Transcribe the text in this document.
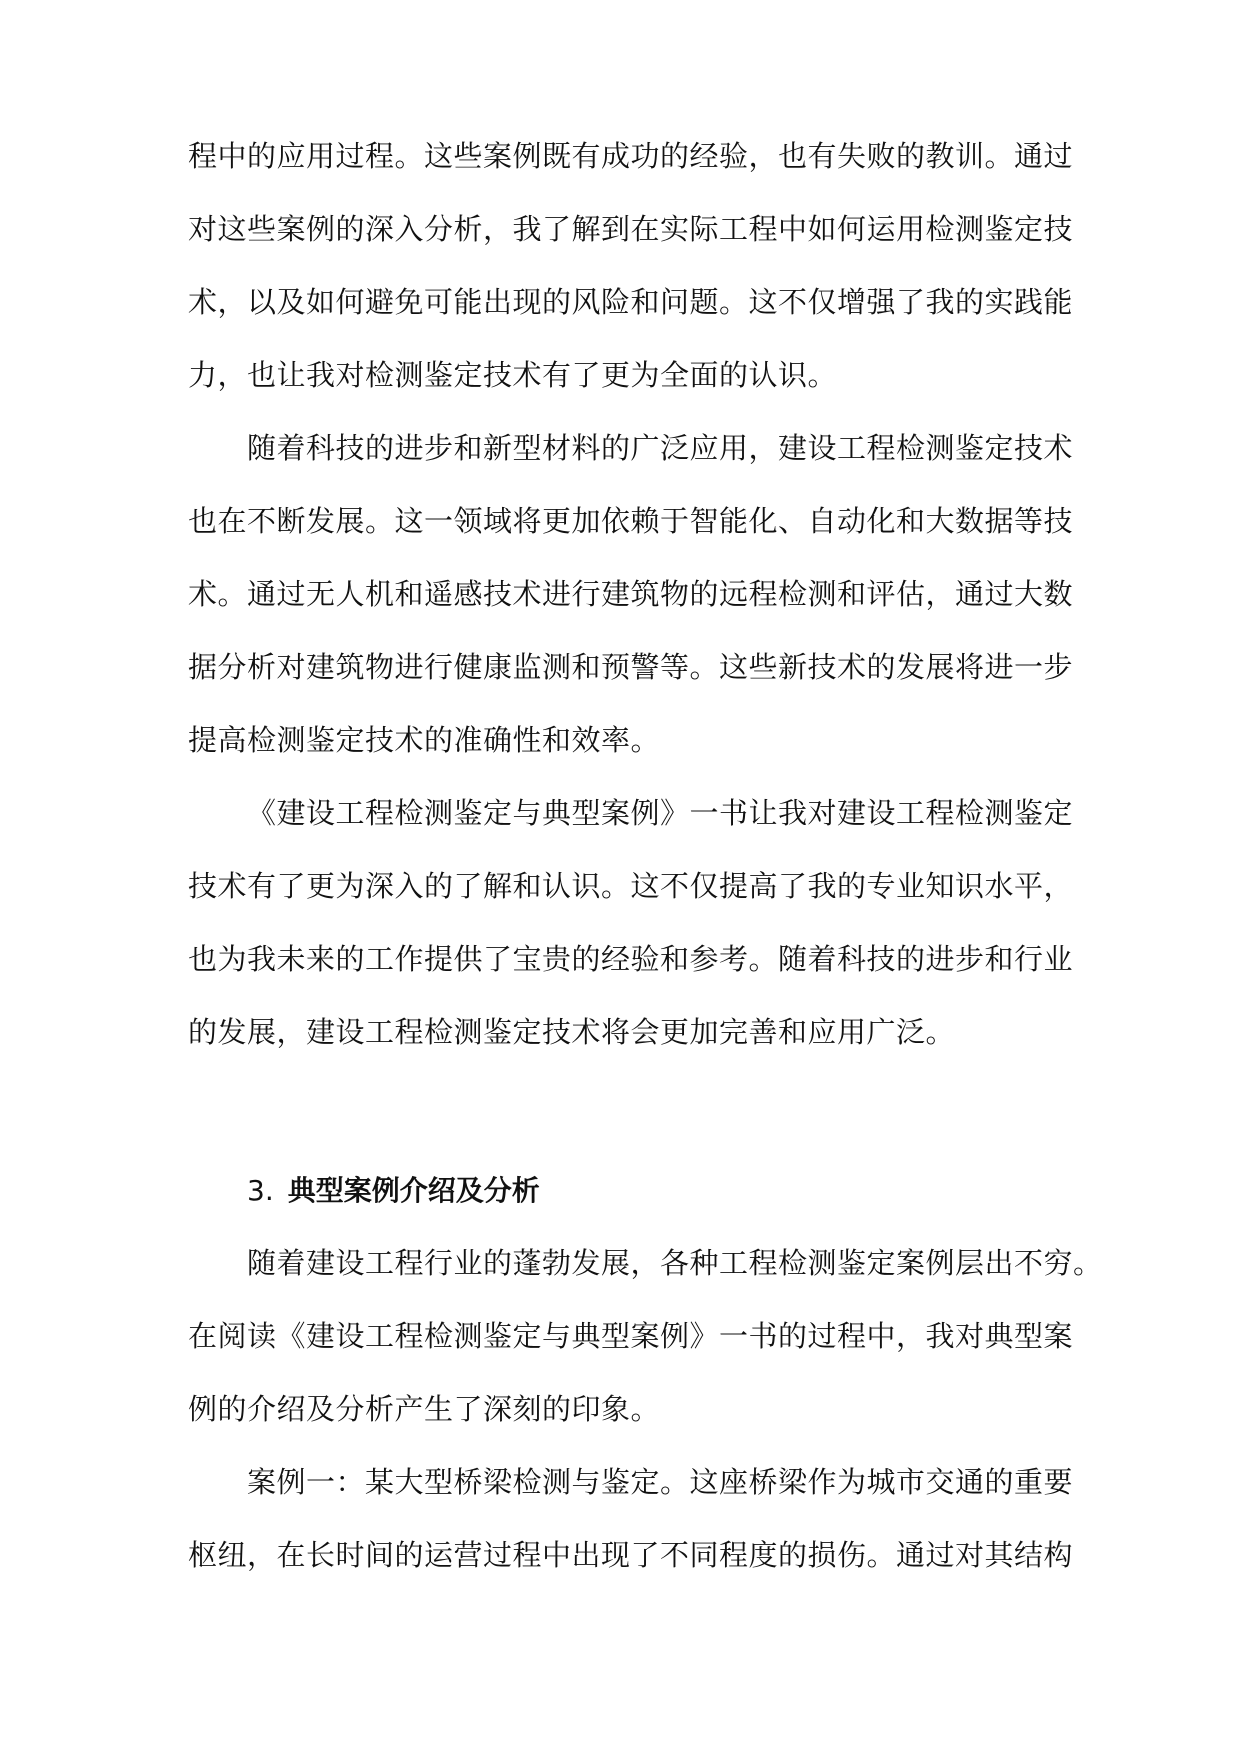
程中的应用过程。这些案例既有成功的经验，也有失败的教训。通过
对这些案例的深入分析，我了解到在实际工程中如何运用检测鉴定技
术，以及如何避免可能出现的风险和问题。这不仅增强了我的实践能
力，也让我对检测鉴定技术有了更为全面的认识。
随着科技的进步和新型材料的广泛应用，建设工程检测鉴定技术
也在不断发展。这一领域将更加依赖于智能化、自动化和大数据等技
术。通过无人机和遥感技术进行建筑物的远程检测和评估，通过大数
据分析对建筑物进行健康监测和预警等。这些新技术的发展将进一步
提高检测鉴定技术的准确性和效率。
《建设工程检测鉴定与典型案例》一书让我对建设工程检测鉴定
技术有了更为深入的了解和认识。这不仅提高了我的专业知识水平，
也为我未来的工作提供了宝贵的经验和参考。随着科技的进步和行业
的发展，建设工程检测鉴定技术将会更加完善和应用广泛。
3. 典型案例介绍及分析
随着建设工程行业的蓬勃发展，各种工程检测鉴定案例层出不穷。
在阅读《建设工程检测鉴定与典型案例》一书的过程中，我对典型案
例的介绍及分析产生了深刻的印象。
案例一：某大型桥梁检测与鉴定。这座桥梁作为城市交通的重要
枢纽，在长时间的运营过程中出现了不同程度的损伤。通过对其结构
